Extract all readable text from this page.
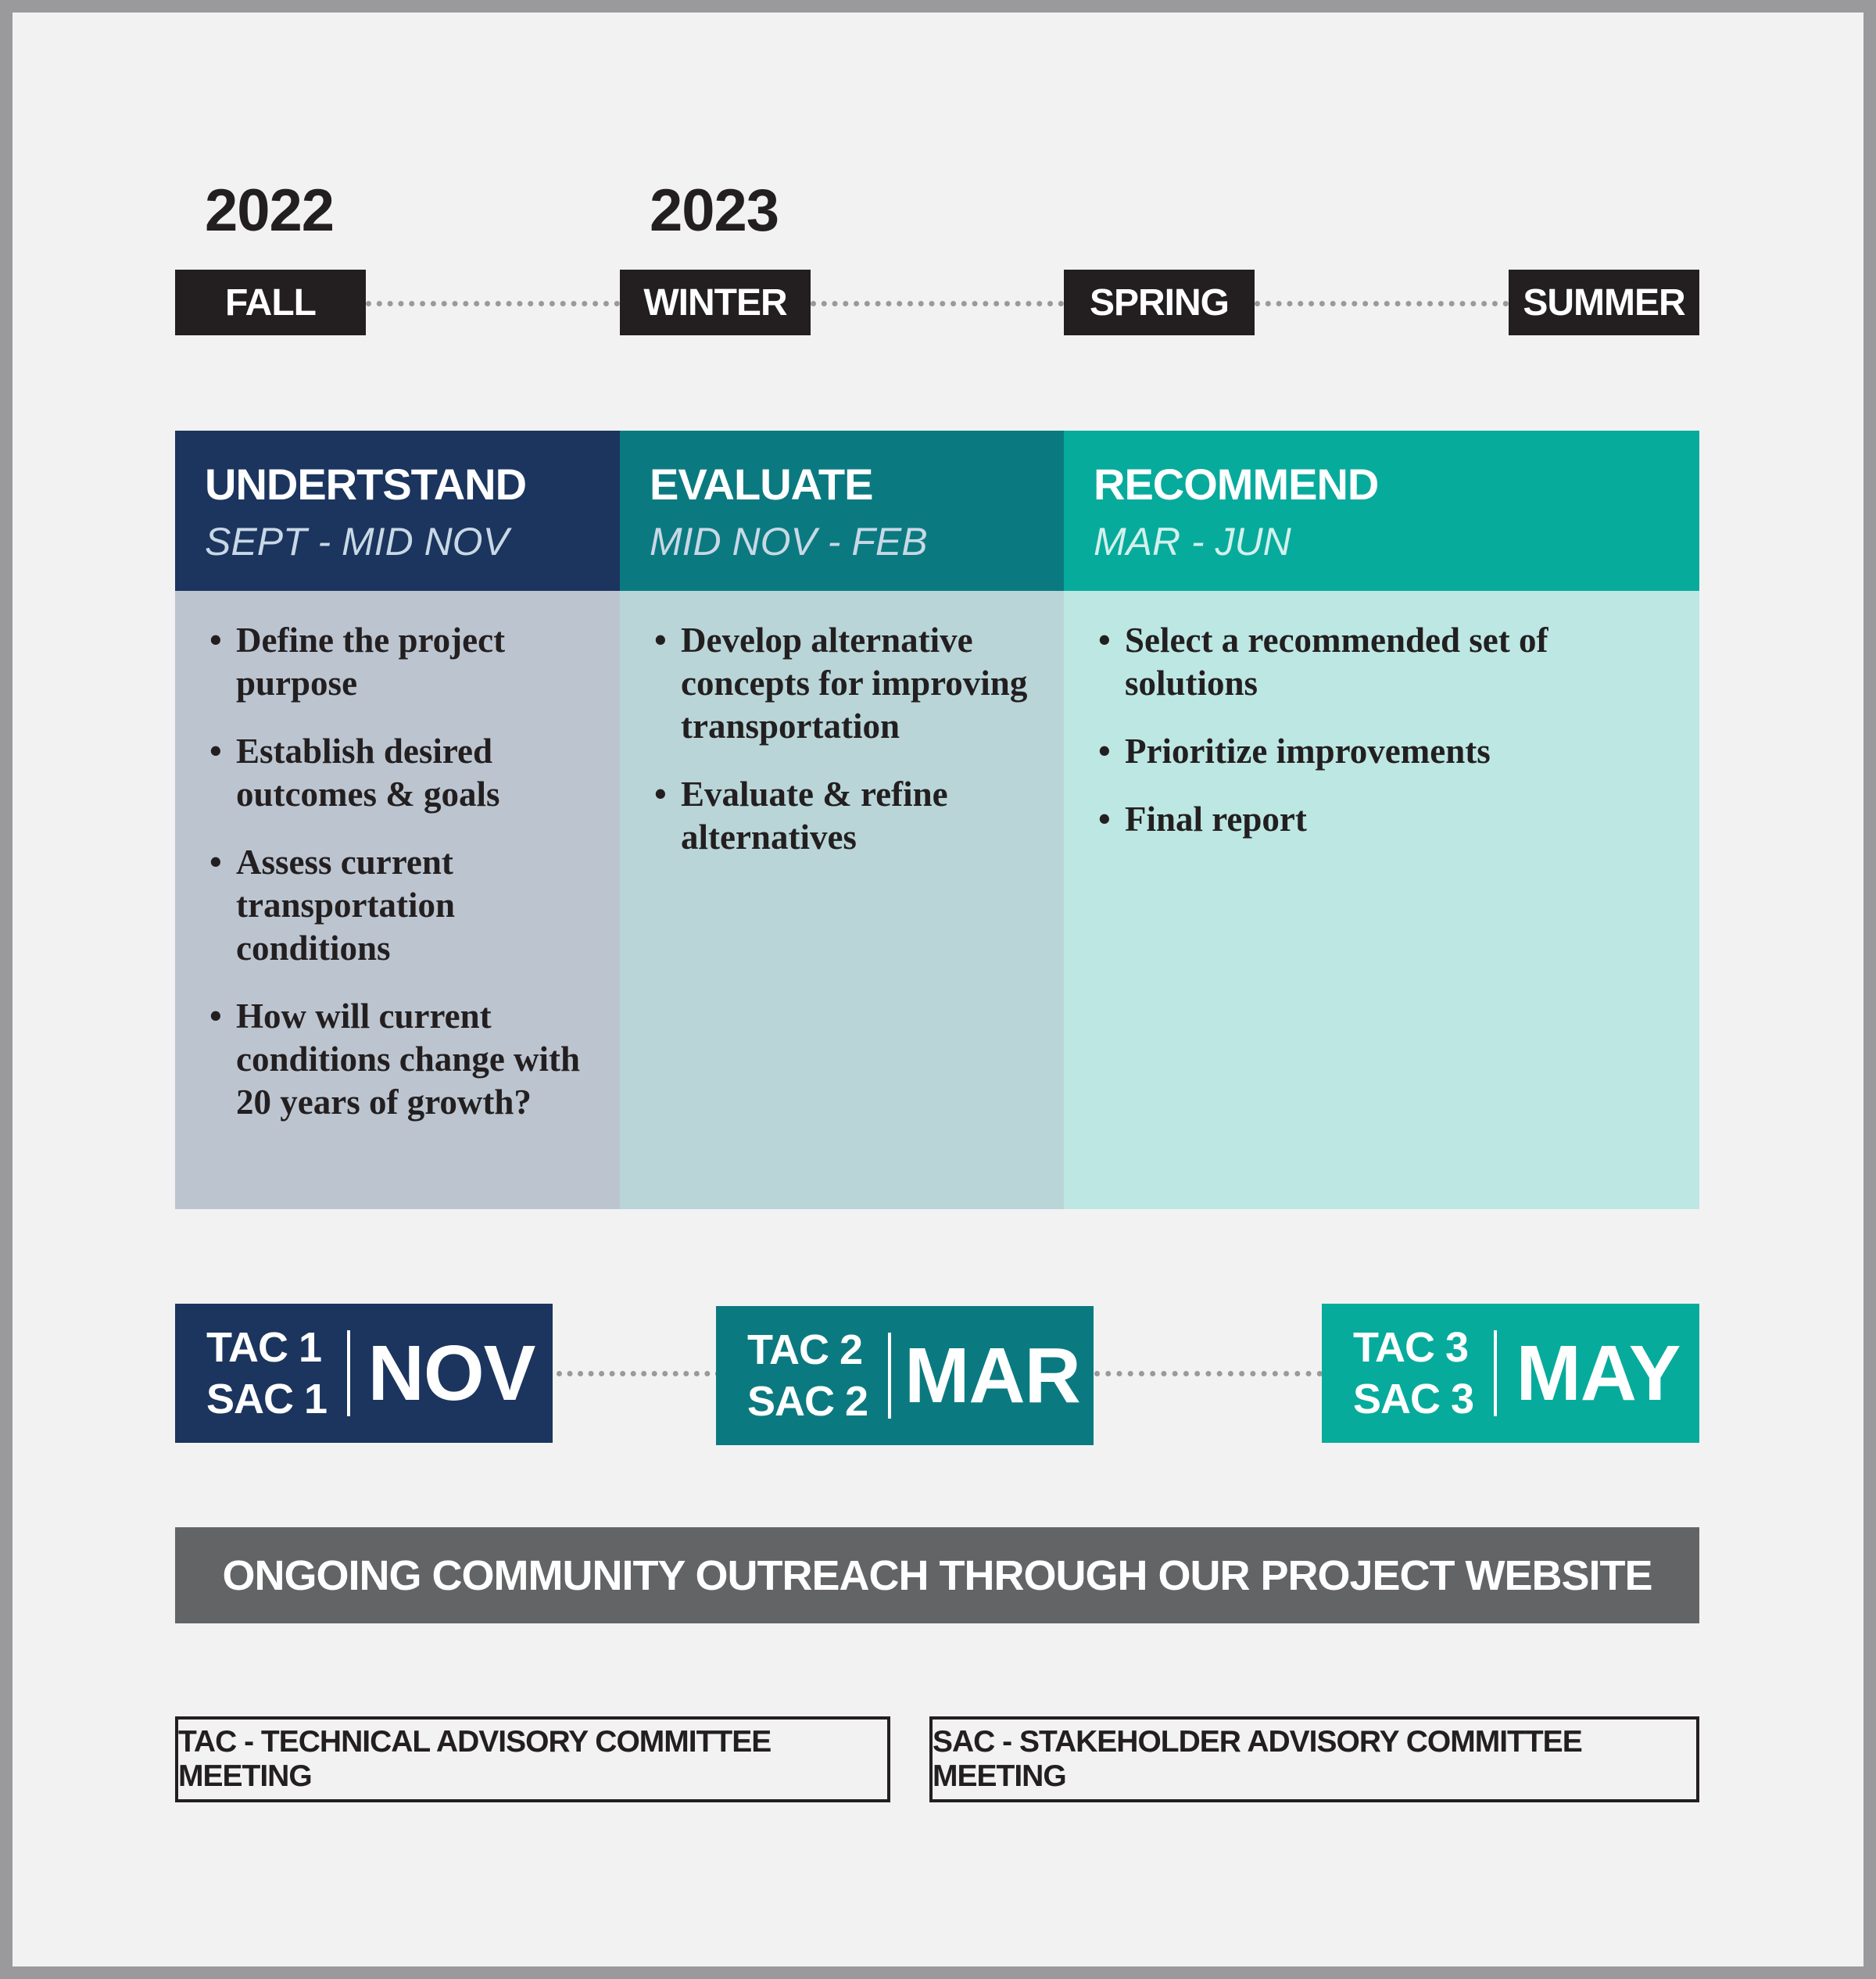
2022	2023
FALL	WINTER	SPRING	SUMMER
UNDERTSTAND
SEPT - MID NOV
EVALUATE
MID NOV - FEB
RECOMMEND
MAR - JUN
• Define the project purpose
• Establish desired outcomes & goals
• Assess current transportation conditions
• How will current conditions change with 20 years of growth?
• Develop alternative concepts for improving transportation
• Evaluate & refine alternatives
• Select a recommended set of solutions
• Prioritize improvements
• Final report
TAC 1
SAC 1 NOV	TAC 2
SAC 2 MAR	TAC 3
SAC 3 MAY
ONGOING COMMUNITY OUTREACH THROUGH OUR PROJECT WEBSITE
TAC - TECHNICAL ADVISORY COMMITTEE MEETING
SAC - STAKEHOLDER ADVISORY COMMITTEE MEETING
